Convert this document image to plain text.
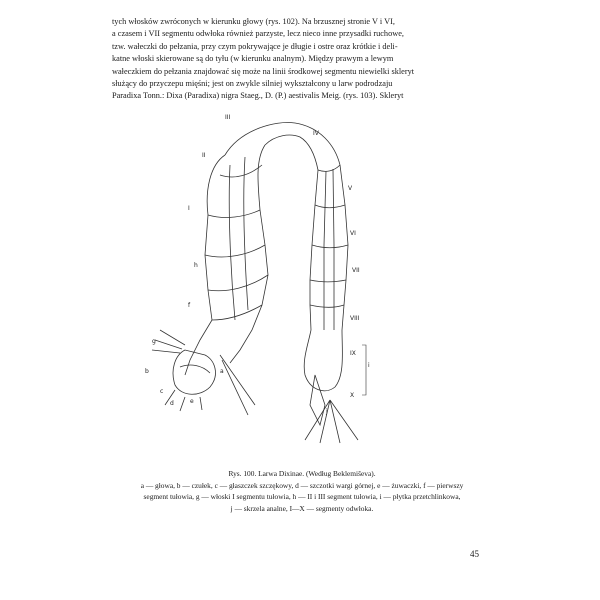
tych włosków zwróconych w kierunku głowy (rys. 102). Na brzusznej stronie V i VI,
a czasem i VII segmentu odwłoka również parzyste, lecz nieco inne przysadki ruchowe,
tzw. wałeczki do pełzania, przy czym pokrywające je długie i ostre oraz krótkie i deli-
katne włoski skierowane są do tyłu (w kierunku analnym). Między prawym a lewym
wałeczkiem do pełzania znajdować się może na linii środkowej segmentu niewielki skleryt
służący do przyczepu mięśni; jest on zwykle silniej wykształcony u larw podrodzaju
Paradixa Tonn.: Dixa (Paradixa) nigra Staeg., D. (P.) aestivalis Meig. (rys. 103). Skleryt
III
IV
II
V
I
VI
h
VII
f
VIII
g
IX
i
b	a
c
X
d	e
j
Rys. 100. Larwa Dixinae. (Według Beklemiševa).
a — głowa, b — czułek, c — głaszczek szczękowy, d — szczotki wargi górnej, e — żuwaczki, f — pierwszy
segment tułowia, g — włoski I segmentu tułowia, h — II i III segment tułowia, i — płytka przetchlinkowa,
j — skrzela analne, I—X — segmenty odwłoka.
45
